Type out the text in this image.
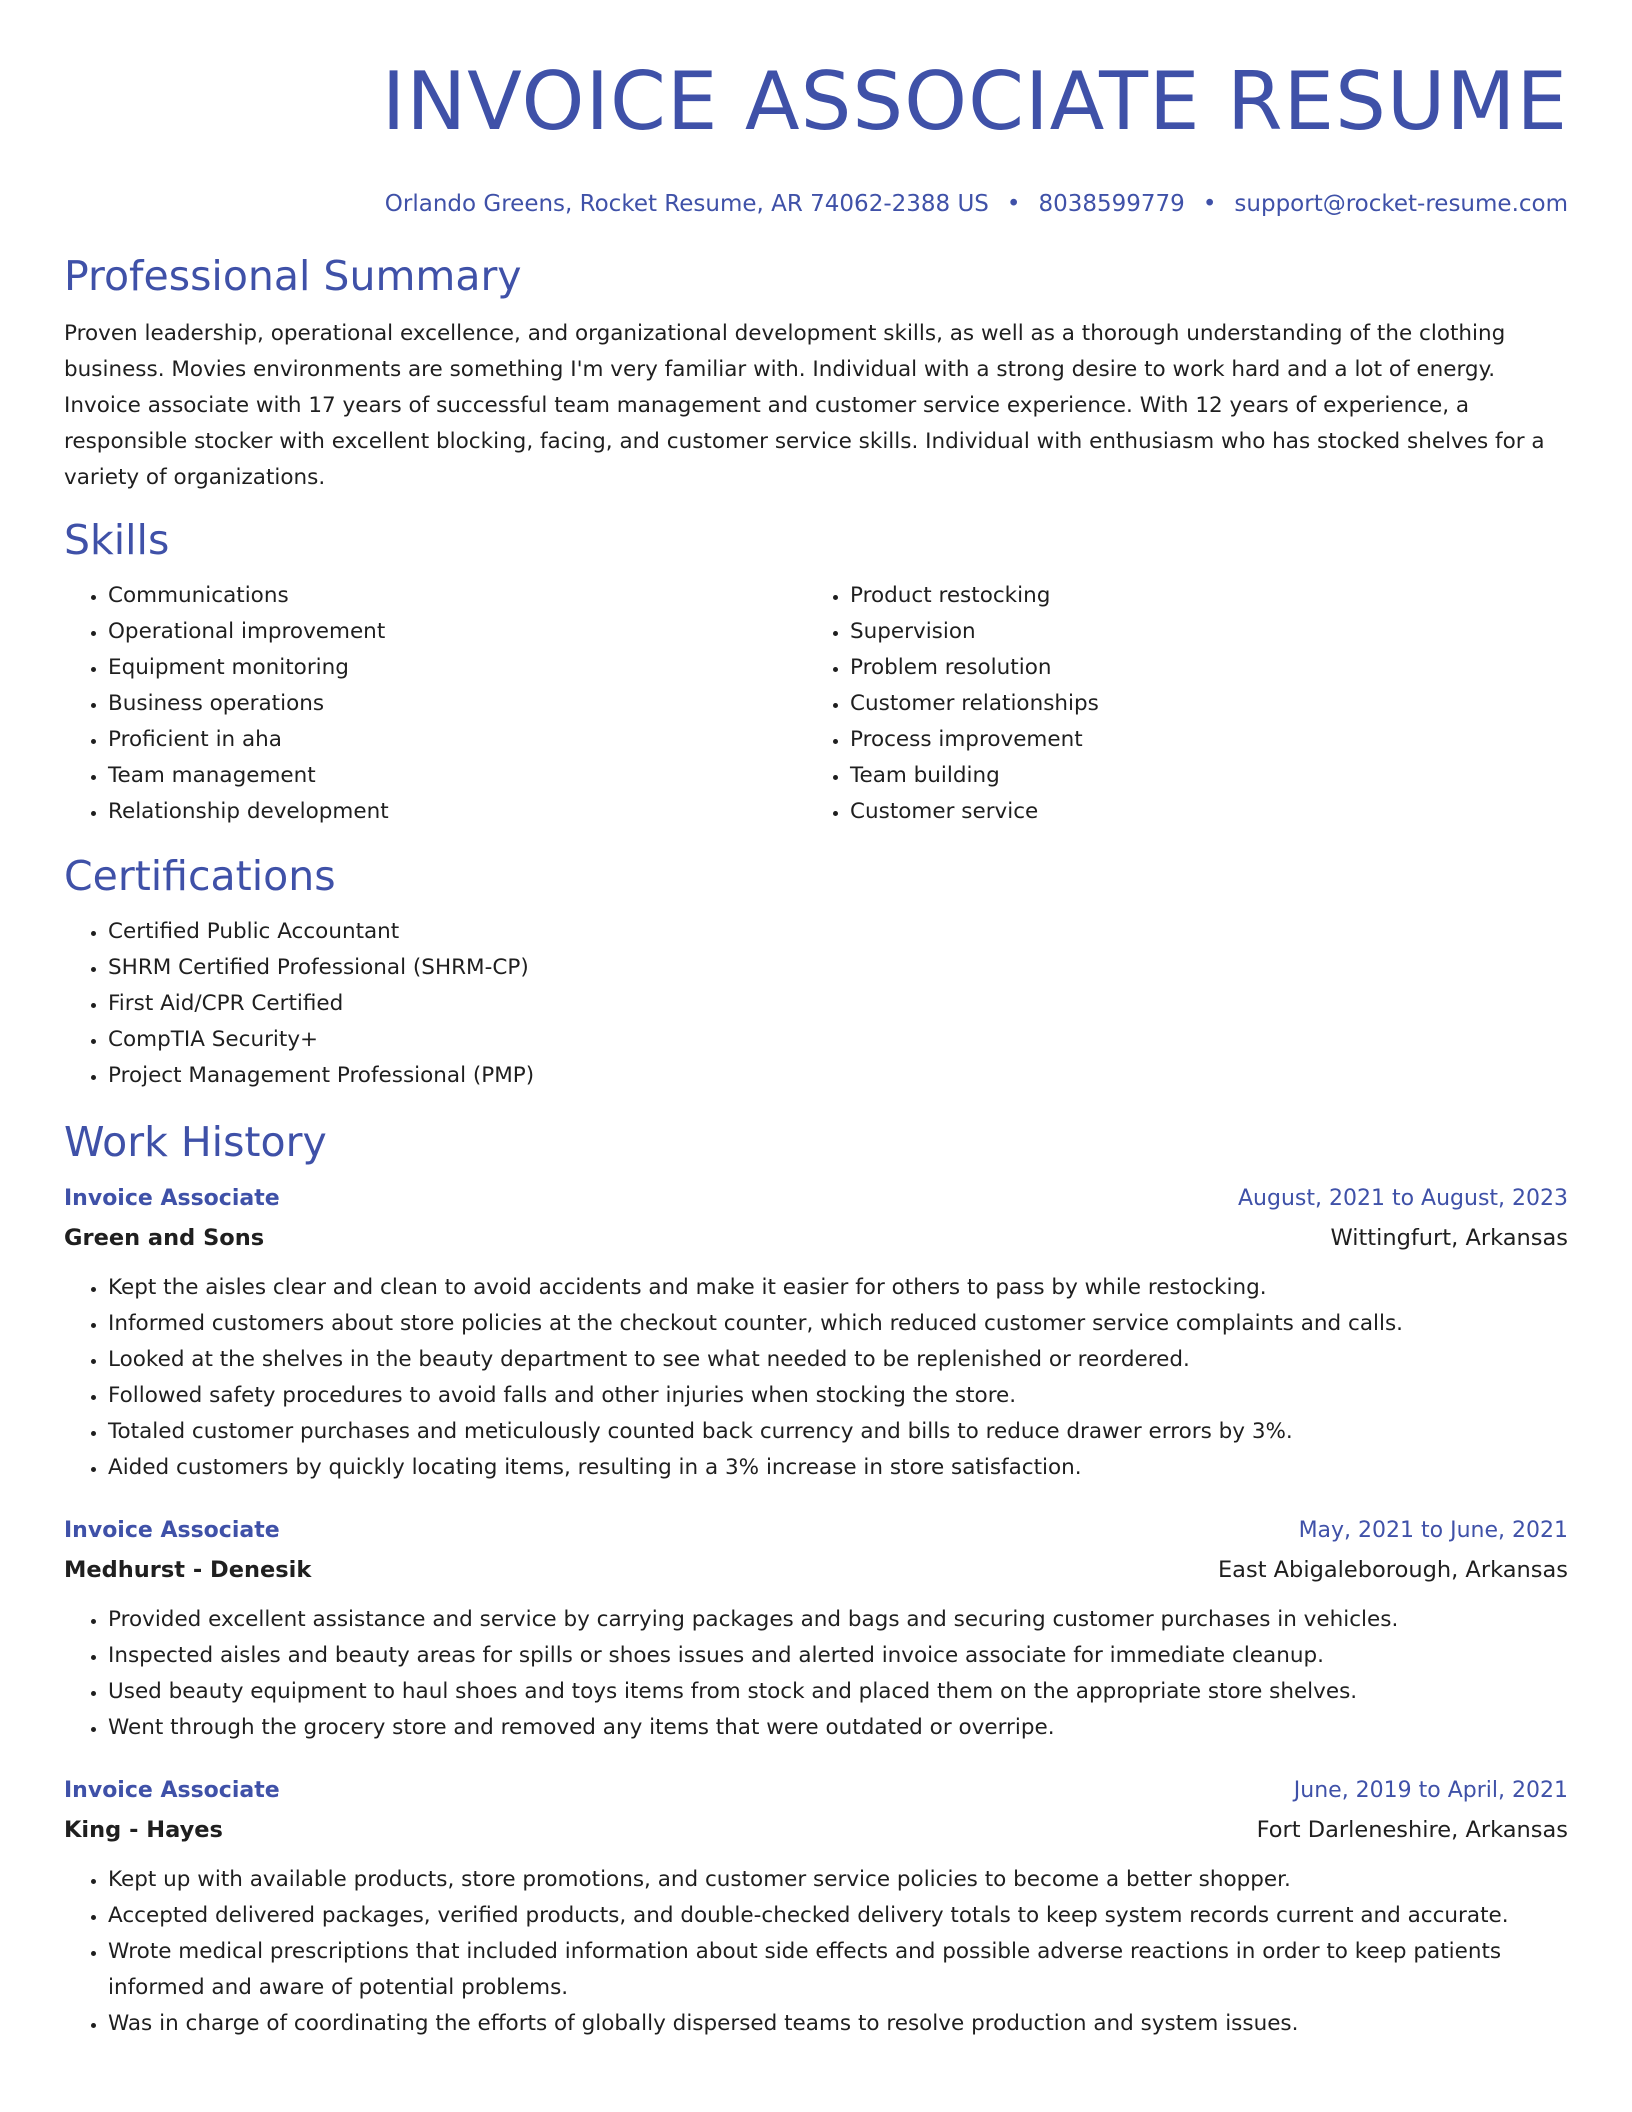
INVOICE ASSOCIATE RESUME
Orlando Greens, Rocket Resume, AR 74062-2388 US • 8038599779 • support@rocket-resume.com
Professional Summary

Proven leadership, operational excellence, and organizational development skills, as well as a thorough understanding of the clothing business. Movies environments are something I'm very familiar with. Individual with a strong desire to work hard and a lot of energy. Invoice associate with 17 years of successful team management and customer service experience. With 12 years of experience, a responsible stocker with excellent blocking, facing, and customer service skills. Individual with enthusiasm who has stocked shelves for a variety of organizations.

Skills
• Communications
• Operational improvement
• Equipment monitoring
• Business operations
• Proficient in aha
• Team management
• Relationship development
• Product restocking
• Supervision
• Problem resolution
• Customer relationships
• Process improvement
• Team building
• Customer service
Certifications
• Certified Public Accountant
• SHRM Certified Professional (SHRM-CP)
• First Aid/CPR Certified
• CompTIA Security+
• Project Management Professional (PMP)
Work History
Invoice Associate	August, 2021 to August, 2023
Green and Sons	Wittingfurt, Arkansas
• Kept the aisles clear and clean to avoid accidents and make it easier for others to pass by while restocking.
• Informed customers about store policies at the checkout counter, which reduced customer service complaints and calls.
• Looked at the shelves in the beauty department to see what needed to be replenished or reordered.
• Followed safety procedures to avoid falls and other injuries when stocking the store.
• Totaled customer purchases and meticulously counted back currency and bills to reduce drawer errors by 3%.
• Aided customers by quickly locating items, resulting in a 3% increase in store satisfaction.
Invoice Associate	May, 2021 to June, 2021
Medhurst - Denesik	East Abigaleborough, Arkansas
• Provided excellent assistance and service by carrying packages and bags and securing customer purchases in vehicles.
• Inspected aisles and beauty areas for spills or shoes issues and alerted invoice associate for immediate cleanup.
• Used beauty equipment to haul shoes and toys items from stock and placed them on the appropriate store shelves.
• Went through the grocery store and removed any items that were outdated or overripe.
Invoice Associate	June, 2019 to April, 2021
King - Hayes	Fort Darleneshire, Arkansas
• Kept up with available products, store promotions, and customer service policies to become a better shopper.
• Accepted delivered packages, verified products, and double-checked delivery totals to keep system records current and accurate.
• Wrote medical prescriptions that included information about side effects and possible adverse reactions in order to keep patients informed and aware of potential problems.
• Was in charge of coordinating the efforts of globally dispersed teams to resolve production and system issues.
